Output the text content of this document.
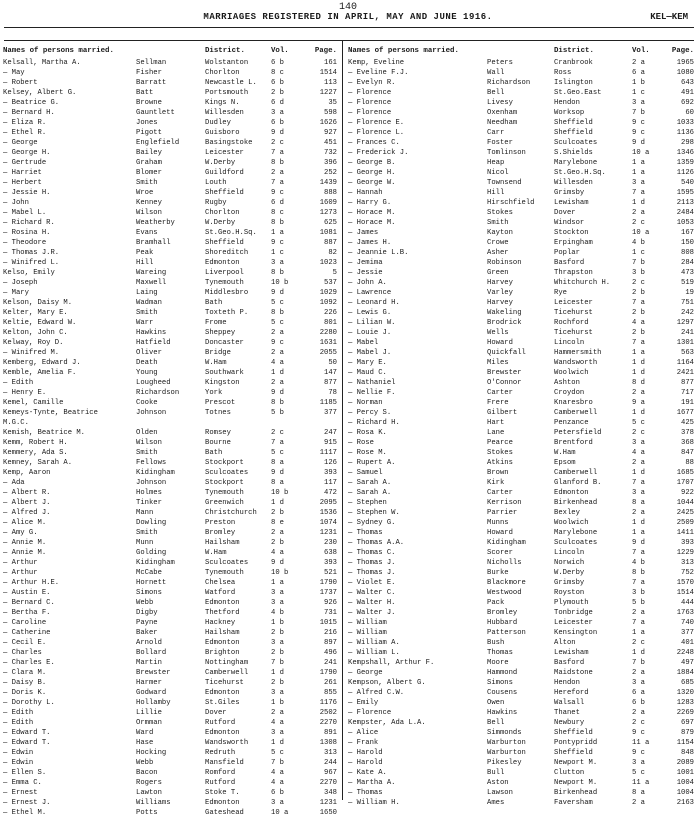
140
MARRIAGES REGISTERED IN APRIL, MAY AND JUNE 1916.	KEL—KEM
Names of persons married.	District.	Vol.	Page.
Kelsall, Martha A.	Sellman	Wolstanton	6 b	161
— May	Fisher	Chorlton	8 c	1514
— Robert	Barratt	Newcastle L.	6 b	113
Kelsey, Albert G.	Batt	Portsmouth	2 b	1227
— Beatrice G.	Browne	Kings N.	6 d	35
— Bernard H.	Gauntlett	Willesden	3 a	598
— Eliza R.	Jones	Dudley	6 b	1626
— Ethel R.	Pigott	Guisboro	9 d	927
— George	Englefield	Basingstoke	2 c	451
— George H.	Bailey	Leicester	7 a	732
— Gertrude	Graham	W.Derby	8 b	396
— Harriet	Blomer	Guildford	2 a	252
— Herbert	Smith	Louth	7 a	1439
— Jessie H.	Wroe	Sheffield	9 c	888
— John	Kenney	Rugby	6 d	1609
— Mabel L.	Wilson	Chorlton	8 c	1273
— Richard R.	Weatherby	W.Derby	8 b	625
— Rosina H.	Evans	St.Geo.H.Sq.	1 a	1081
— Theodore	Bramhall	Sheffield	9 c	887
— Thomas J.R.	Peak	Shoreditch	1 c	82
— Winifred L.	Hill	Edmonton	3 a	1023
Kelso, Emily	Wareing	Liverpool	8 b	5
— Joseph	Maxwell	Tynemouth	10 b	537
— Mary	Laing	Middlesbro	9 d	1029
Kelson, Daisy M.	Wadman	Bath	5 c	1092
Kelter, Mary E.	Smith	Toxteth P.	8 b	226
Keltie, Edward W.	Warr	Frome	5 c	801
Kelton, John C.	Hawkins	Sheppey	2 a	2280
Kelway, Roy D.	Hatfield	Doncaster	9 c	1631
— Winifred M.	Oliver	Bridge	2 a	2055
Kemberg, Edward J.	Death	W.Ham	4 a	50
Kemble, Amelia F.	Young	Southwark	1 d	147
— Edith	Lougheed	Kingston	2 a	877
— Henry E.	Richardson	York	9 d	78
Kemel, Camille	Cooke	Prescot	8 b	1185
Kemeys-Tynte, Beatrice	Johnson	Totnes	5 b	377
M.G.C.
Kemish, Beatrice M.	Olden	Romsey	2 c	247
Kemm, Robert H.	Wilson	Bourne	7 a	915
Kemmery, Ada S.	Smith	Bath	5 c	1117
Kemney, Sarah A.	Fellows	Stockport	8 a	126
Kemp, Aaron	Kidingham	Sculcoates	9 d	393
— Ada	Johnson	Stockport	8 a	117
— Albert R.	Holmes	Tynemouth	10 b	472
— Albert J.	Tinker	Greenwich	1 d	2095
— Alfred J.	Mann	Christchurch	2 b	1536
— Alice M.	Dowling	Preston	8 e	1074
— Amy G.	Smith	Bromley	2 a	1231
— Annie M.	Munn	Hailsham	2 b	230
— Annie M.	Golding	W.Ham	4 a	638
— Arthur	Kidingham	Sculcoates	9 d	393
— Arthur	McCabe	Tynemouth	10 b	521
— Arthur H.E.	Hornett	Chelsea	1 a	1790
— Austin E.	Simons	Watford	3 a	1737
— Bernard C.	Webb	Edmonton	3 a	926
— Bertha F.	Digby	Thetford	4 b	731
— Caroline	Payne	Hackney	1 b	1015
— Catherine	Baker	Hailsham	2 b	216
— Cecil E.	Arnold	Edmonton	3 a	897
— Charles	Bollard	Brighton	2 b	496
— Charles E.	Martin	Nottingham	7 b	241
— Clara M.	Brewster	Camberwell	1 d	1790
— Daisy B.	Harmer	Ticehurst	2 b	261
— Doris K.	Godward	Edmonton	3 a	855
— Dorothy L.	Hollamby	St.Giles	1 b	1176
— Edith	Lillie	Dover	2 a	2502
— Edith	Ormman	Rutford	4 a	2270
— Edward T.	Ward	Edmonton	3 a	891
— Edward T.	Hase	Wandsworth	1 d	1308
— Edwin	Hocking	Redruth	5 c	313
— Edwin	Webb	Mansfield	7 b	244
— Ellen S.	Bacon	Romford	4 a	967
— Emma C.	Rogers	Rutford	4 a	2270
— Ernest	Lawton	Stoke T.	6 b	348
— Ernest J.	Williams	Edmonton	3 a	1231
— Ethel M.	Potts	Gateshead	10 a	1650
Names of persons married.	District.	Vol.	Page.
Kemp, Eveline	Peters	Cranbrook	2 a	1965
— Eveline F.J.	Wall	Ross	6 a	1080
— Evelyn R.	Richardson	Islington	1 b	643
— Florence	Bell	St.Geo.East	1 c	491
— Florence	Livesy	Hendon	3 a	692
— Florence	Oxenham	Worksop	7 b	60
— Florence E.	Needham	Sheffield	9 c	1033
— Florence L.	Carr	Sheffield	9 c	1136
— Frances C.	Foster	Sculcoates	9 d	298
— Frederick J.	Tomlinson	S.Shields	10 a	1346
— George B.	Heap	Marylebone	1 a	1359
— George H.	Nicol	St.Geo.H.Sq.	1 a	1126
— George W.	Townsend	Willesden	3 a	540
— Hannah	Hill	Grimsby	7 a	1595
— Harry G.	Hirschfield	Lewisham	1 d	2113
— Horace M.	Stokes	Dover	2 a	2484
— Horace M.	Smith	Windsor	2 c	1053
— James	Kayton	Stockton	10 a	167
— James H.	Crowe	Erpingham	4 b	150
— Jeannie L.B.	Asher	Poplar	1 c	808
— Jemima	Robinson	Basford	7 b	284
— Jessie	Green	Thrapston	3 b	473
— John A.	Harvey	Whitchurch H.	2 c	519
— Lawrence	Varley	Rye	2 b	19
— Leonard H.	Harvey	Leicester	7 a	751
— Lewis G.	Wakeling	Ticehurst	2 b	242
— Lilian W.	Brodrick	Rochford	4 a	1297
— Louie J.	Wells	Ticehurst	2 b	241
— Mabel	Howard	Lincoln	7 a	1301
— Mabel J.	Quickfall	Hammersmith	1 a	563
— Mary E.	Miles	Wandsworth	1 d	1164
— Maud C.	Brewster	Woolwich	1 d	2421
— Nathaniel	O'Connor	Ashton	8 d	877
— Nellie F.	Carter	Croydon	2 a	717
— Norman	Frere	Knaresbro	9 a	191
— Percy S.	Gilbert	Camberwell	1 d	1677
— Richard H.	Hart	Penzance	5 c	425
— Rosa K.	Lane	Petersfield	2 c	378
— Rose	Pearce	Brentford	3 a	368
— Rose M.	Stokes	W.Ham	4 a	847
— Rupert A.	Atkins	Epsom	2 a	88
— Samuel	Brown	Camberwell	1 d	1685
— Sarah A.	Kirk	Glanford B.	7 a	1707
— Sarah A.	Carter	Edmonton	3 a	922
— Stephen	Kerrison	Birkenhead	8 a	1044
— Stephen W.	Parrier	Bexley	2 a	2425
— Sydney G.	Munns	Woolwich	1 d	2509
— Thomas	Howard	Marylebone	1 a	1411
— Thomas A.A.	Kidingham	Sculcoates	9 d	393
— Thomas C.	Scorer	Lincoln	7 a	1229
— Thomas J.	Nicholls	Norwich	4 b	313
— Thomas J.	Burke	W.Derby	8 b	752
— Violet E.	Blackmore	Grimsby	7 a	1570
— Walter C.	Westwood	Royston	3 b	1514
— Walter H.	Pack	Plymouth	5 b	444
— Walter J.	Bromley	Tonbridge	2 a	1763
— William	Hubbard	Leicester	7 a	740
— William	Patterson	Kensington	1 a	377
— William A.	Bush	Alton	2 c	401
— William L.	Thomas	Lewisham	1 d	2248
Kempshall, Arthur F.	Moore	Basford	7 b	497
— George	Hammond	Maidstone	2 a	1884
Kempson, Albert G.	Simons	Hendon	3 a	685
— Alfred C.W.	Cousens	Hereford	6 a	1320
— Emily	Owen	Walsall	6 b	1283
— Florence	Hawkins	Thanet	2 a	2269
Kempster, Ada L.A.	Bell	Newbury	2 c	697
— Alice	Simmonds	Sheffield	9 c	879
— Frank	Warburton	Pontypridd	11 a	1154
— Harold	Warburton	Sheffield	9 c	848
— Harold	Pikesley	Newport M.	3 a	2089
— Kate A.	Bull	Clutton	5 c	1001
— Martha A.	Aston	Newport M.	11 a	1004
— Thomas	Lawson	Birkenhead	8 a	1004
— William H.	Ames	Faversham	2 a	2163
